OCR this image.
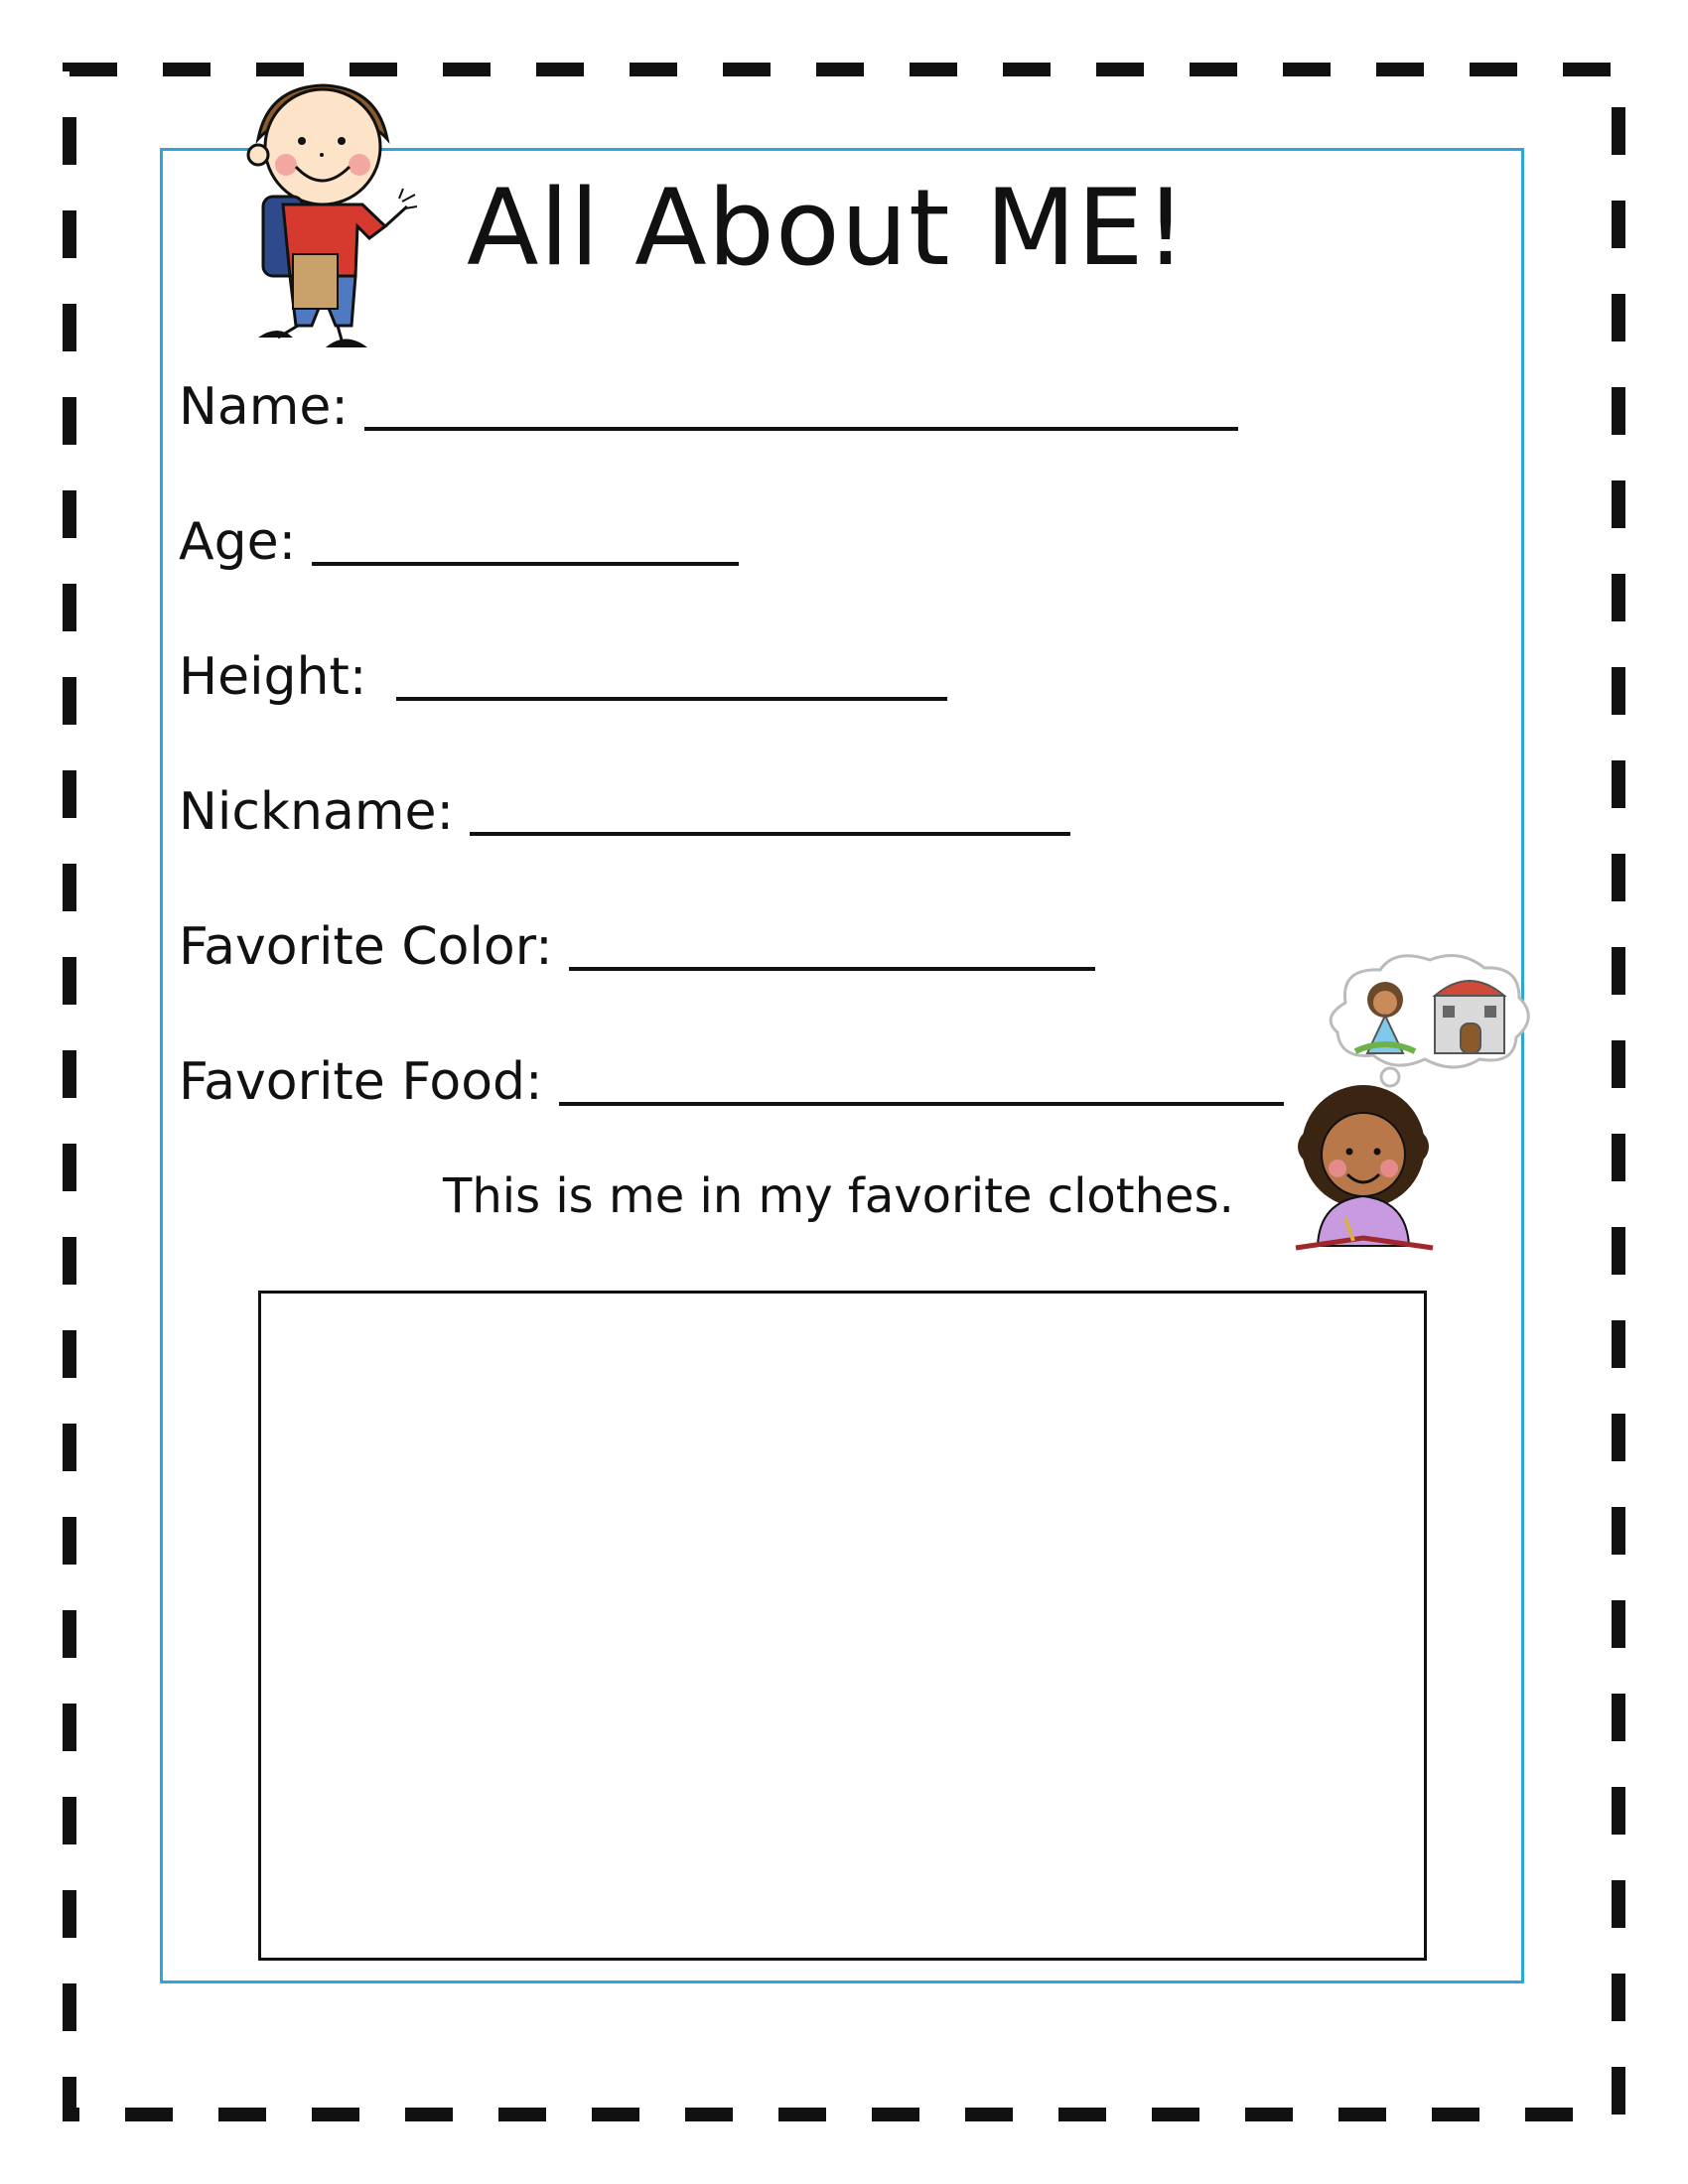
All About ME!
Name:
Age:
Height:
Nickname:
Favorite Color:
Favorite Food:
This is me in my favorite clothes.
